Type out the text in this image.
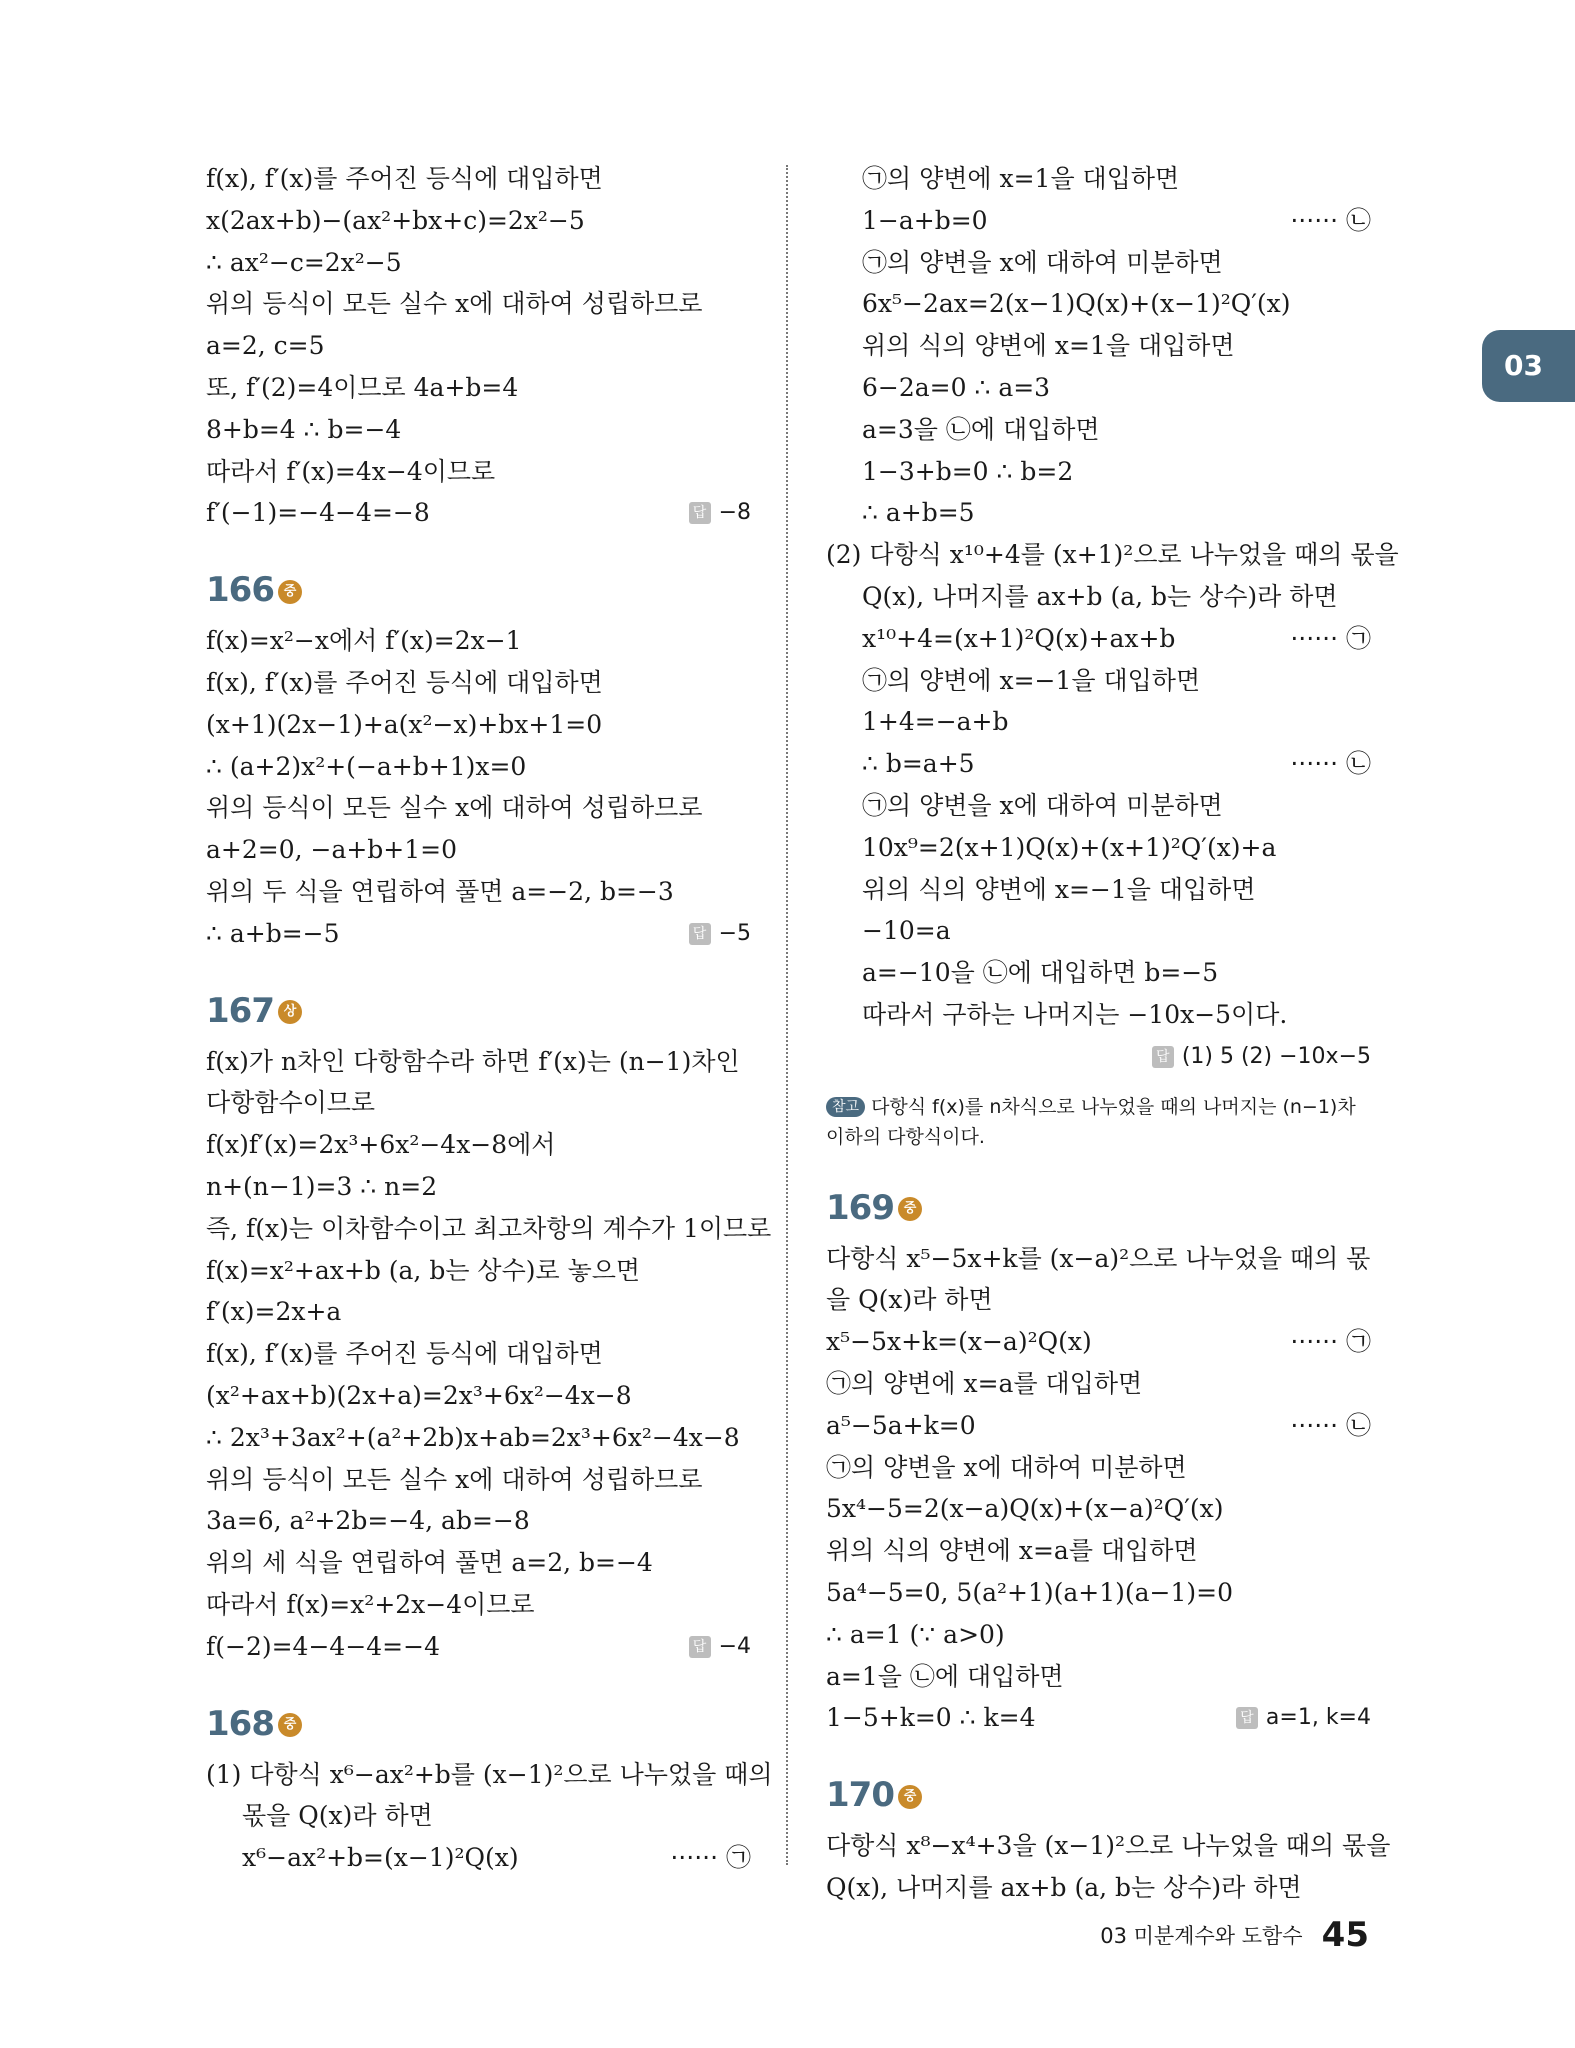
f(x), f′(x)를 주어진 등식에 대입하면
x(2ax+b)−(ax²+bx+c)=2x²−5
∴ ax²−c=2x²−5
위의 등식이 모든 실수 x에 대하여 성립하므로
a=2, c=5
또, f′(2)=4이므로 4a+b=4
8+b=4 ∴ b=−4
따라서 f′(x)=4x−4이므로
f′(−1)=−4−4=−8	답 −8
166 중
f(x)=x²−x에서 f′(x)=2x−1
f(x), f′(x)를 주어진 등식에 대입하면
(x+1)(2x−1)+a(x²−x)+bx+1=0
∴ (a+2)x²+(−a+b+1)x=0
위의 등식이 모든 실수 x에 대하여 성립하므로
a+2=0, −a+b+1=0
위의 두 식을 연립하여 풀면 a=−2, b=−3
∴ a+b=−5	답 −5
167 상
f(x)가 n차인 다항함수라 하면 f′(x)는 (n−1)차인
다항함수이므로
f(x)f′(x)=2x³+6x²−4x−8에서
n+(n−1)=3 ∴ n=2
즉, f(x)는 이차함수이고 최고차항의 계수가 1이므로
f(x)=x²+ax+b (a, b는 상수)로 놓으면
f′(x)=2x+a
f(x), f′(x)를 주어진 등식에 대입하면
(x²+ax+b)(2x+a)=2x³+6x²−4x−8
∴ 2x³+3ax²+(a²+2b)x+ab=2x³+6x²−4x−8
위의 등식이 모든 실수 x에 대하여 성립하므로
3a=6, a²+2b=−4, ab=−8
위의 세 식을 연립하여 풀면 a=2, b=−4
따라서 f(x)=x²+2x−4이므로
f(−2)=4−4−4=−4	답 −4
168 중
(1) 다항식 x⁶−ax²+b를 (x−1)²으로 나누었을 때의
몫을 Q(x)라 하면
x⁶−ax²+b=(x−1)²Q(x)	······ ㉠
㉠의 양변에 x=1을 대입하면
1−a+b=0	······ ㉡
㉠의 양변을 x에 대하여 미분하면
6x⁵−2ax=2(x−1)Q(x)+(x−1)²Q′(x)
위의 식의 양변에 x=1을 대입하면
6−2a=0 ∴ a=3
a=3을 ㉡에 대입하면
1−3+b=0 ∴ b=2
∴ a+b=5
(2) 다항식 x¹⁰+4를 (x+1)²으로 나누었을 때의 몫을
Q(x), 나머지를 ax+b (a, b는 상수)라 하면
x¹⁰+4=(x+1)²Q(x)+ax+b	······ ㉠
㉠의 양변에 x=−1을 대입하면
1+4=−a+b
∴ b=a+5	······ ㉡
㉠의 양변을 x에 대하여 미분하면
10x⁹=2(x+1)Q(x)+(x+1)²Q′(x)+a
위의 식의 양변에 x=−1을 대입하면
−10=a
a=−10을 ㉡에 대입하면 b=−5
따라서 구하는 나머지는 −10x−5이다.
답 (1) 5 (2) −10x−5
참고 다항식 f(x)를 n차식으로 나누었을 때의 나머지는 (n−1)차 이하의 다항식이다.
169 중
다항식 x⁵−5x+k를 (x−a)²으로 나누었을 때의 몫
을 Q(x)라 하면
x⁵−5x+k=(x−a)²Q(x)	······ ㉠
㉠의 양변에 x=a를 대입하면
a⁵−5a+k=0	······ ㉡
㉠의 양변을 x에 대하여 미분하면
5x⁴−5=2(x−a)Q(x)+(x−a)²Q′(x)
위의 식의 양변에 x=a를 대입하면
5a⁴−5=0, 5(a²+1)(a+1)(a−1)=0
∴ a=1 (∵ a>0)
a=1을 ㉡에 대입하면
1−5+k=0 ∴ k=4	답 a=1, k=4
170 중
다항식 x⁸−x⁴+3을 (x−1)²으로 나누었을 때의 몫을
Q(x), 나머지를 ax+b (a, b는 상수)라 하면
03
03 미분계수와 도함수 45
